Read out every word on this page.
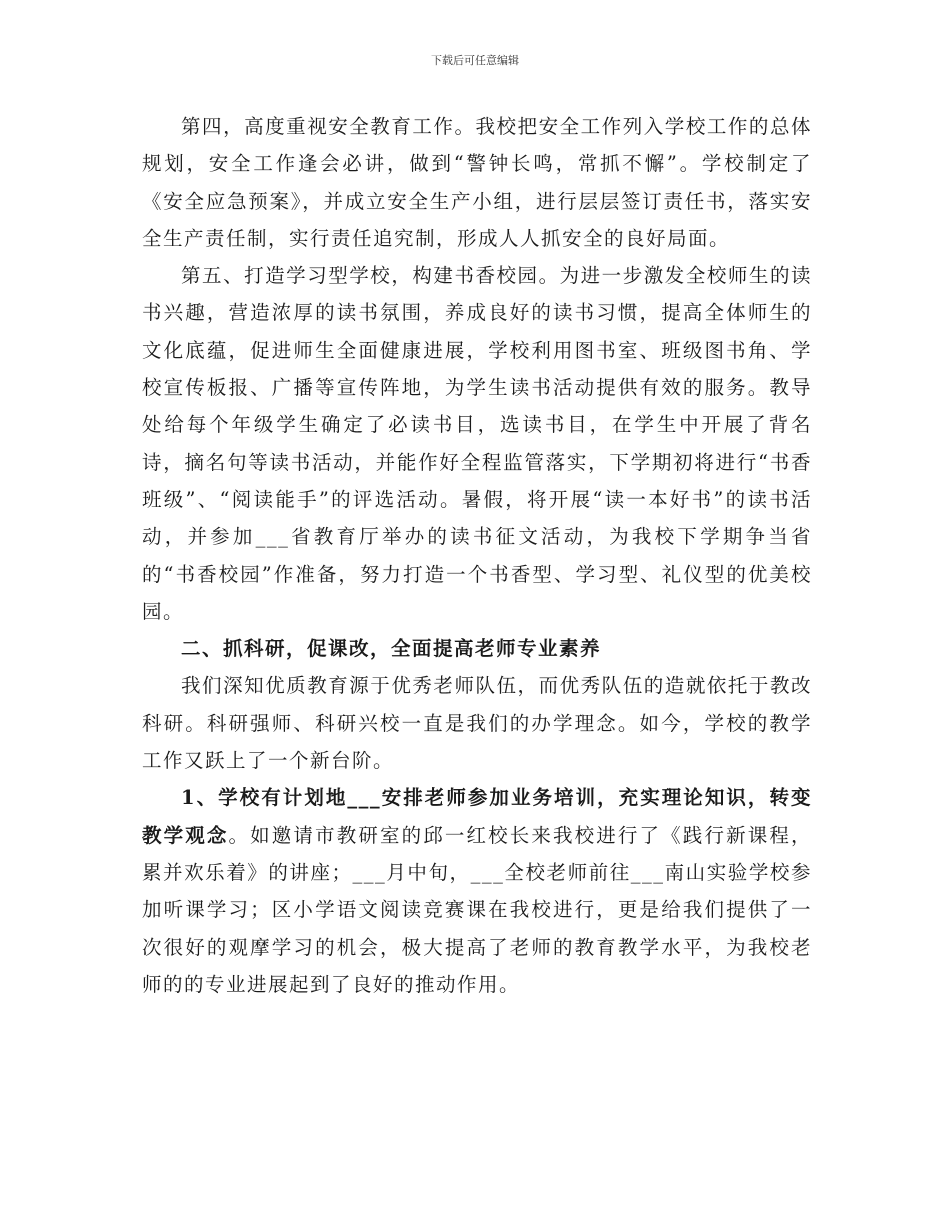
下载后可任意编辑

第四，高度重视安全教育工作。我校把安全工作列入学校工作的总体规划，安全工作逢会必讲，做到“警钟长鸣，常抓不懈”。学校制定了《安全应急预案》，并成立安全生产小组，进行层层签订责任书，落实安全生产责任制，实行责任追究制，形成人人抓安全的良好局面。

第五、打造学习型学校，构建书香校园。为进一步激发全校师生的读书兴趣，营造浓厚的读书氛围，养成良好的读书习惯，提高全体师生的文化底蕴，促进师生全面健康进展，学校利用图书室、班级图书角、学校宣传板报、广播等宣传阵地，为学生读书活动提供有效的服务。教导处给每个年级学生确定了必读书目，选读书目，在学生中开展了背名诗，摘名句等读书活动，并能作好全程监管落实，下学期初将进行“书香班级”、“阅读能手”的评选活动。暑假，将开展“读一本好书”的读书活动，并参加___省教育厅举办的读书征文活动，为我校下学期争当省的“书香校园”作准备，努力打造一个书香型、学习型、礼仪型的优美校园。

二、抓科研，促课改，全面提高老师专业素养

我们深知优质教育源于优秀老师队伍，而优秀队伍的造就依托于教改科研。科研强师、科研兴校一直是我们的办学理念。如今，学校的教学工作又跃上了一个新台阶。

1、学校有计划地___安排老师参加业务培训，充实理论知识，转变教学观念。如邀请市教研室的邱一红校长来我校进行了《践行新课程，累并欢乐着》的讲座；___月中旬，___全校老师前往___南山实验学校参加听课学习；区小学语文阅读竞赛课在我校进行，更是给我们提供了一次很好的观摩学习的机会，极大提高了老师的教育教学水平，为我校老师的的专业进展起到了良好的推动作用。
